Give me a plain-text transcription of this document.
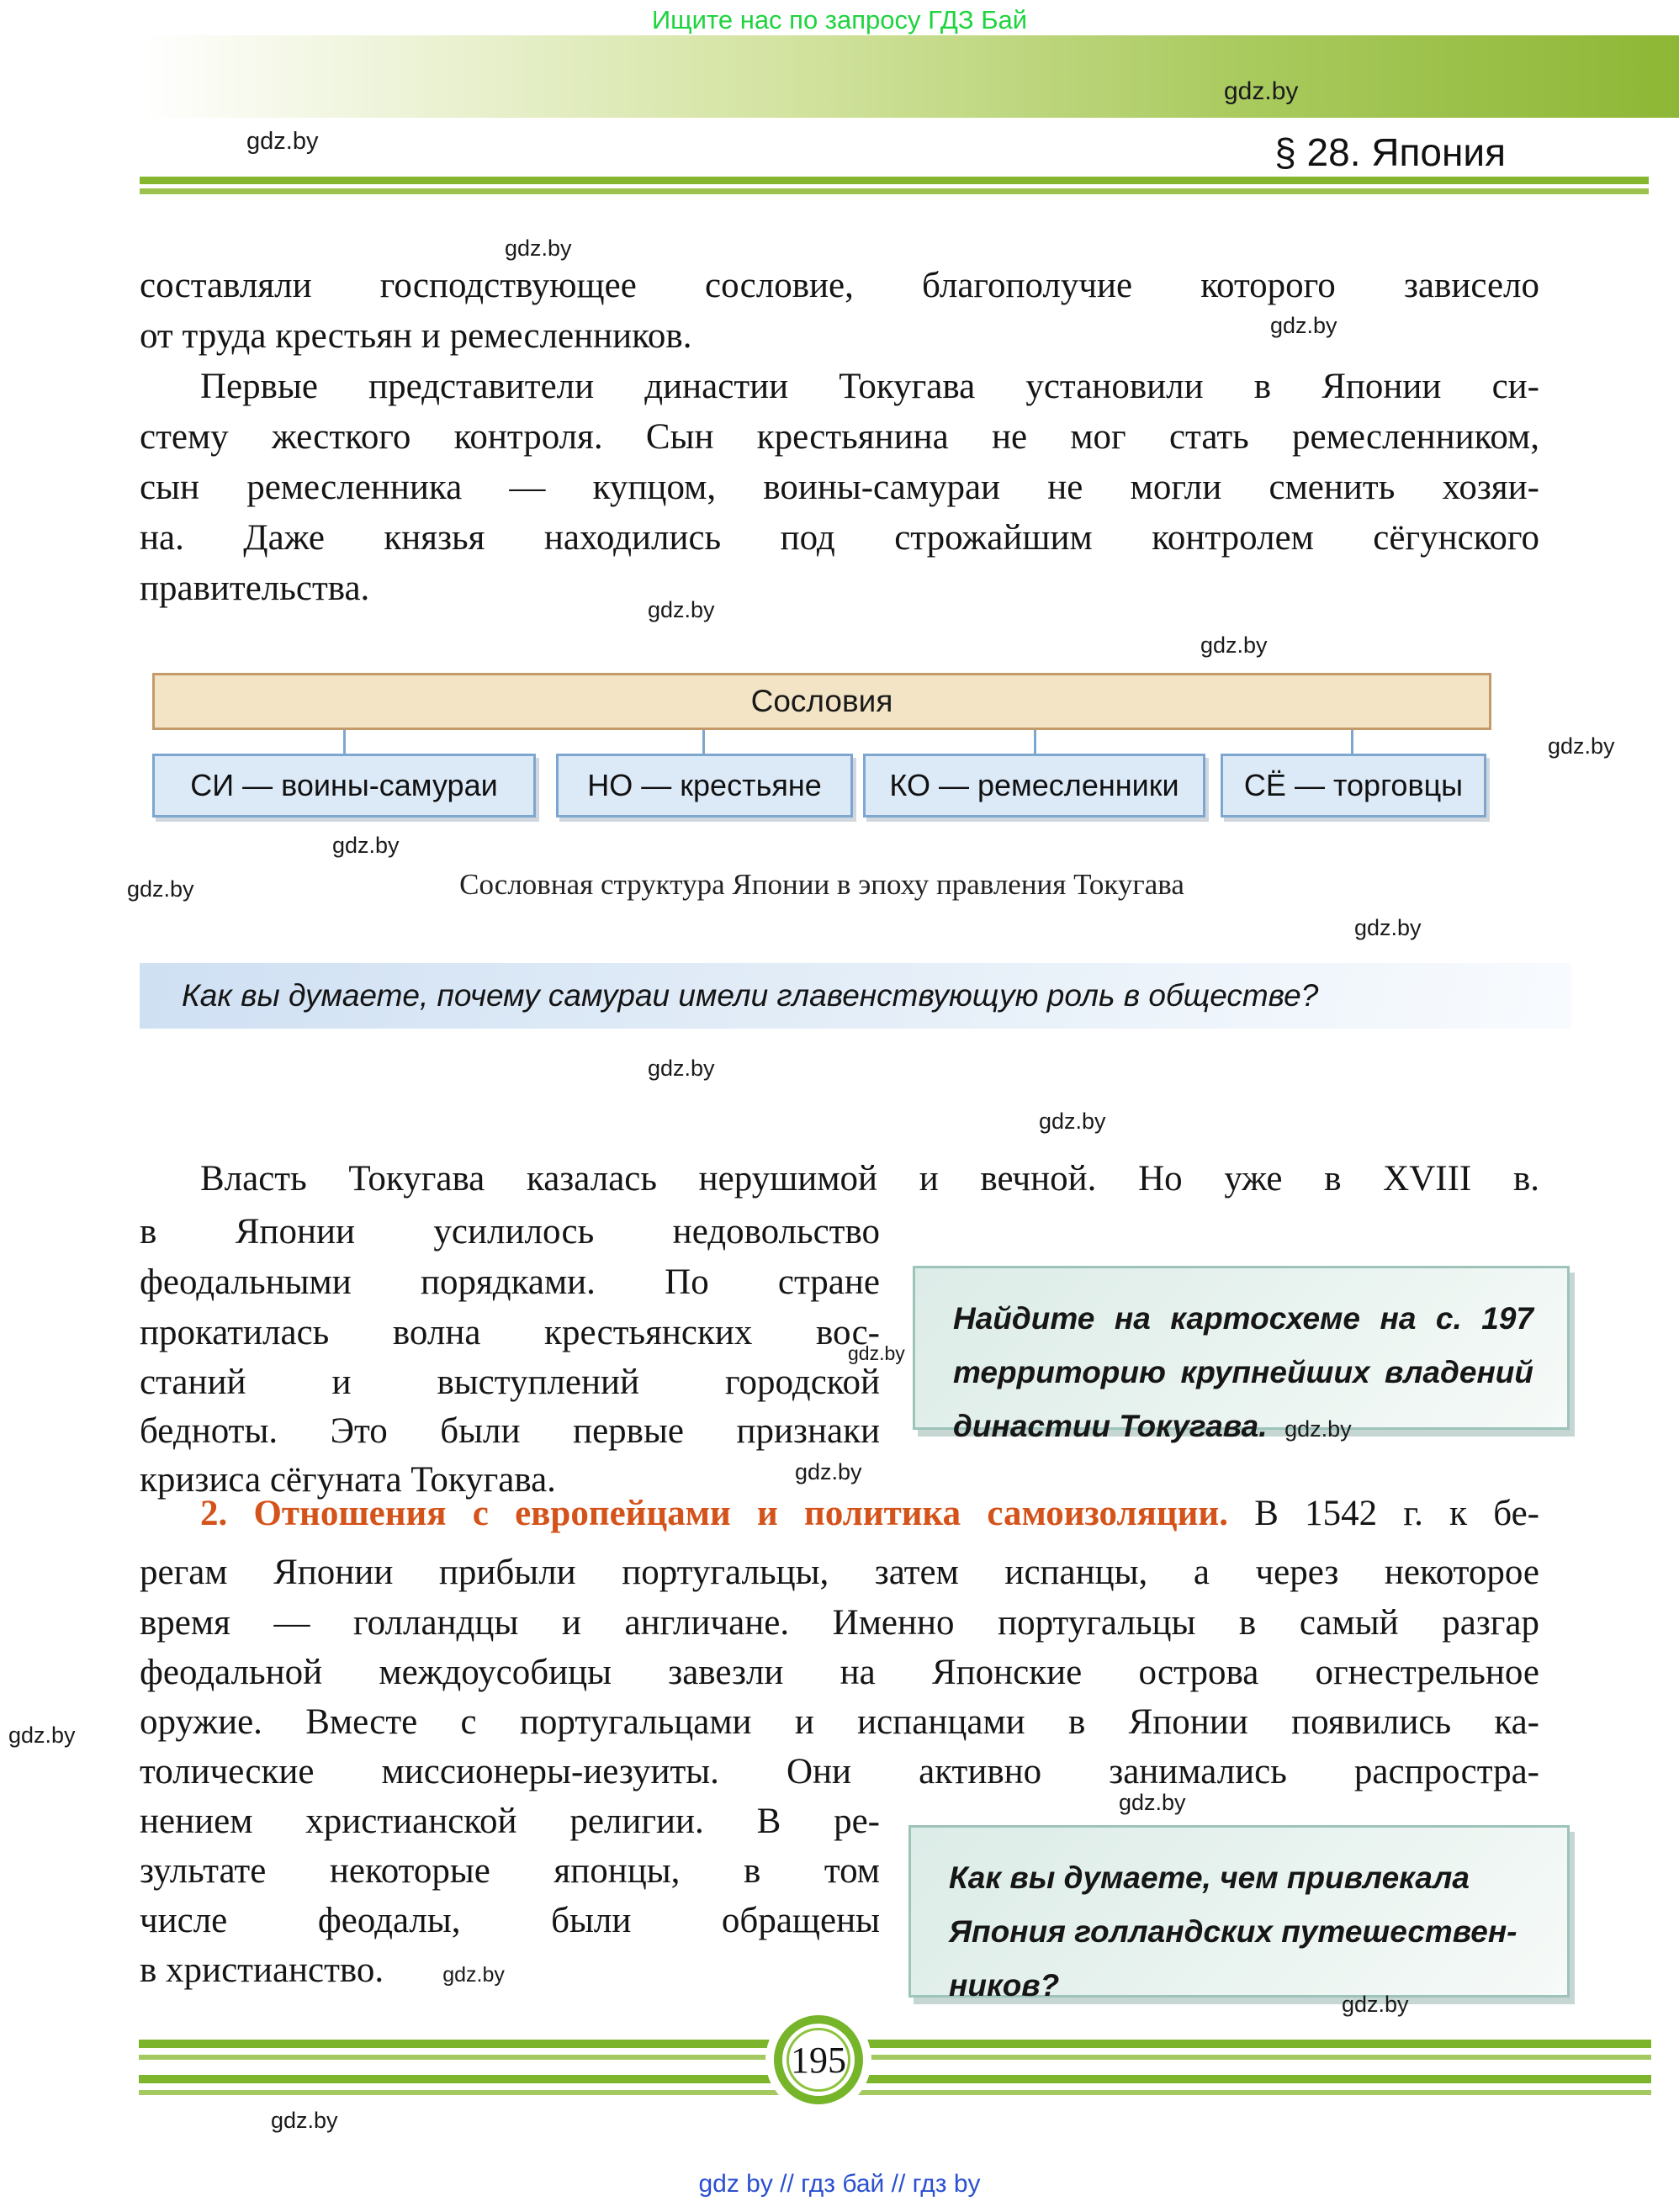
Ищите нас по запросу ГДЗ Бай
gdz.by
gdz.by	§ 28. Япония
gdz.by
составляли господствующее сословие, благополучие которого зависело
gdz.by
от труда крестьян и ремесленников.
Первые представители династии Токугава установили в Японии си-
стему жесткого контроля. Сын крестьянина не мог стать ремесленником,
сын ремесленника — купцом, воины-самураи не могли сменить хозяи-
на. Даже князья находились под строжайшим контролем сёгунского
правительства.
gdz.by
gdz.by
Сословия
СИ — воины-самураи	НО — крестьяне	КО — ремесленники	СЁ — торговцы
gdz.by
gdz.by
Сословная структура Японии в эпоху правления Токугава
gdz.by
Как вы думаете, почему самураи имели главенствующую роль в обществе?
gdz.by
gdz.by
gdz.by
Власть Токугава казалась нерушимой и вечной. Но уже в XVIII в.
в Японии усилилось недовольство
феодальными порядками. По стране
прокатилась волна крестьянских вос-
gdz.by
станий и выступлений городской
бедноты. Это были первые признаки
кризиса сёгуната Токугава.	gdz.by
Найдите на картосхеме на с. 197
территорию крупнейших владений
династии Токугава. gdz.by
2. Отношения с европейцами и политика самоизоляции. В 1542 г. к бе-
регам Японии прибыли португальцы, затем испанцы, а через некоторое
время — голландцы и англичане. Именно португальцы в самый разгар
феодальной междоусобицы завезли на Японские острова огнестрельное
оружие. Вместе с португальцами и испанцами в Японии появились ка-
gdz.by
толические миссионеры-иезуиты. Они активно занимались распростра-
gdz.by
нением христианской религии. В ре-
зультате некоторые японцы, в том
числе феодалы, были обращены
в христианство.	gdz.by
Как вы думаете, чем привлекала
Япония голландских путешествен-
ников?
gdz.by
195
gdz.by
gdz by // гдз бай // гдз by
